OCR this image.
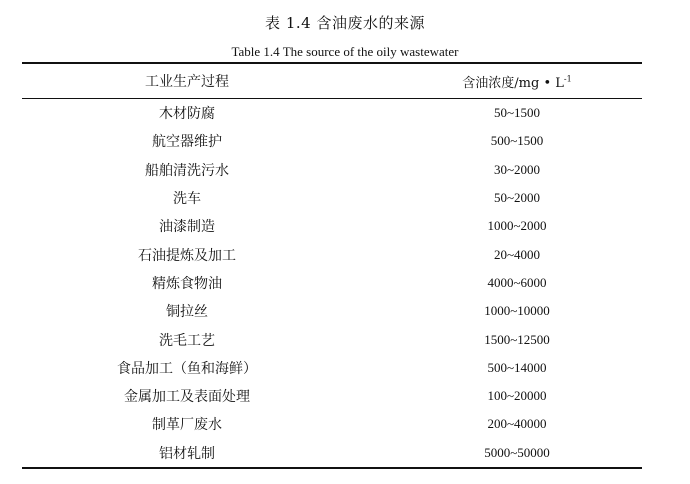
表 1.4 含油废水的来源
Table 1.4 The source of the oily wastewater
工业生产过程	含油浓度/mg • $L^{-1}$
木材防腐	50~1500
航空器维护	500~1500
船舶清洗污水	30~2000
洗车	50~2000
油漆制造	1000~2000
石油提炼及加工	20~4000
精炼食物油	4000~6000
铜拉丝	1000~10000
洗毛工艺	1500~12500
食品加工（鱼和海鲜）	500~14000
金属加工及表面处理	100~20000
制革厂废水	200~40000
铝材轧制	5000~50000
